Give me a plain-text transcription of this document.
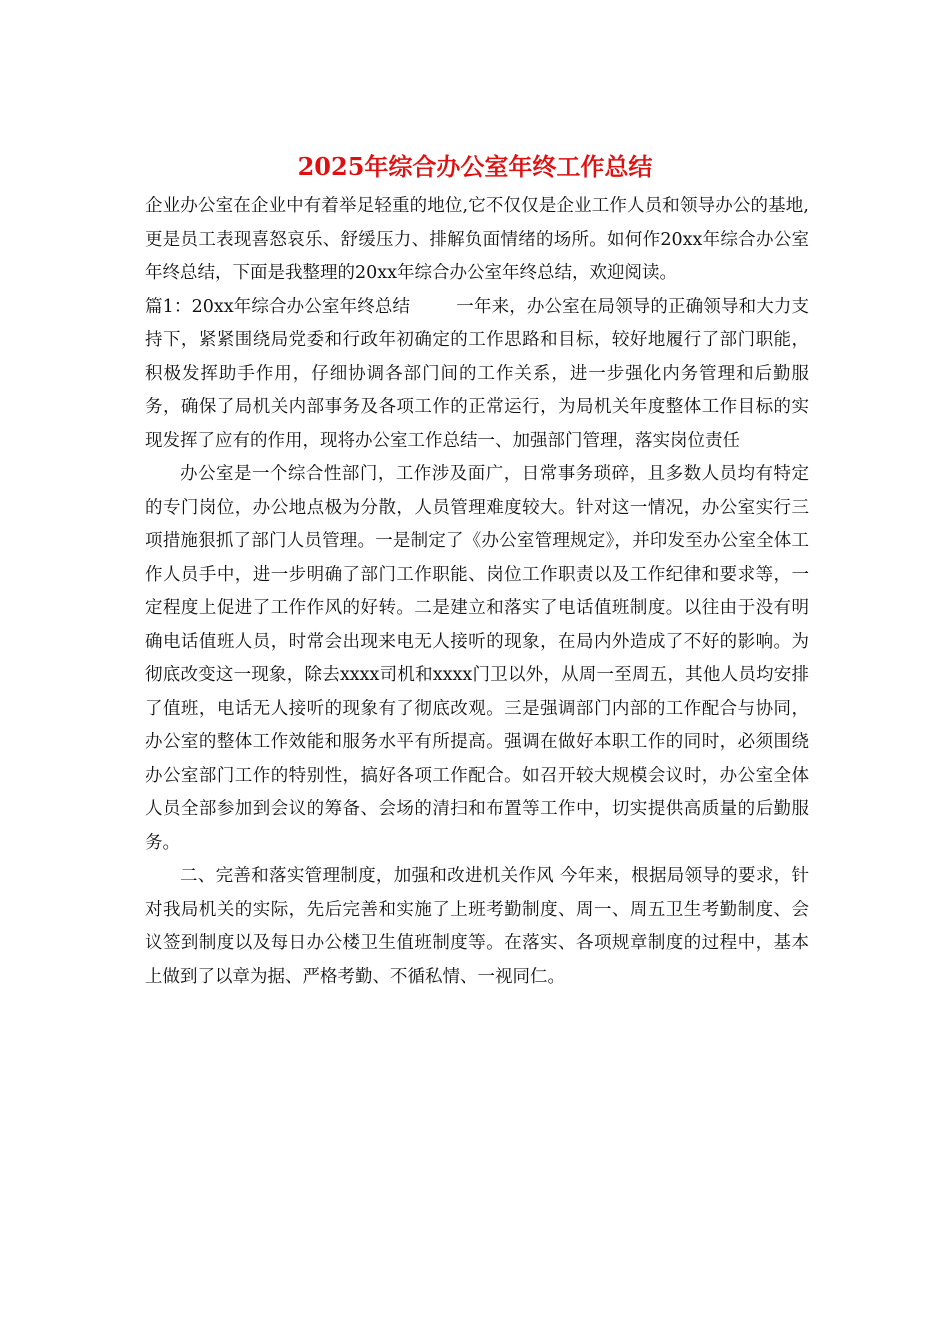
2025年综合办公室年终工作总结

企业办公室在企业中有着举足轻重的地位,它不仅仅是企业工作人员和领导办公的基地,更是员工表现喜怒哀乐、舒缓压力、排解负面情绪的场所。如何作20xx年综合办公室年终总结，下面是我整理的20xx年综合办公室年终总结，欢迎阅读。

篇1：20xx年综合办公室年终总结	一年来，办公室在局领导的正确领导和大力支持下，紧紧围绕局党委和行政年初确定的工作思路和目标，较好地履行了部门职能，积极发挥助手作用，仔细协调各部门间的工作关系，进一步强化内务管理和后勤服务，确保了局机关内部事务及各项工作的正常运行，为局机关年度整体工作目标的实现发挥了应有的作用，现将办公室工作总结一、加强部门管理，落实岗位责任

办公室是一个综合性部门，工作涉及面广，日常事务琐碎，且多数人员均有特定的专门岗位，办公地点极为分散，人员管理难度较大。针对这一情况，办公室实行三项措施狠抓了部门人员管理。一是制定了《办公室管理规定》，并印发至办公室全体工作人员手中，进一步明确了部门工作职能、岗位工作职责以及工作纪律和要求等，一定程度上促进了工作作风的好转。二是建立和落实了电话值班制度。以往由于没有明确电话值班人员，时常会出现来电无人接听的现象，在局内外造成了不好的影响。为彻底改变这一现象，除去xxxx司机和xxxx门卫以外，从周一至周五，其他人员均安排了值班，电话无人接听的现象有了彻底改观。三是强调部门内部的工作配合与协同，办公室的整体工作效能和服务水平有所提高。强调在做好本职工作的同时，必须围绕办公室部门工作的特别性，搞好各项工作配合。如召开较大规模会议时，办公室全体人员全部参加到会议的筹备、会场的清扫和布置等工作中，切实提供高质量的后勤服务。

二、完善和落实管理制度，加强和改进机关作风 今年来，根据局领导的要求，针对我局机关的实际，先后完善和实施了上班考勤制度、周一、周五卫生考勤制度、会议签到制度以及每日办公楼卫生值班制度等。在落实、各项规章制度的过程中，基本上做到了以章为据、严格考勤、不循私情、一视同仁。
